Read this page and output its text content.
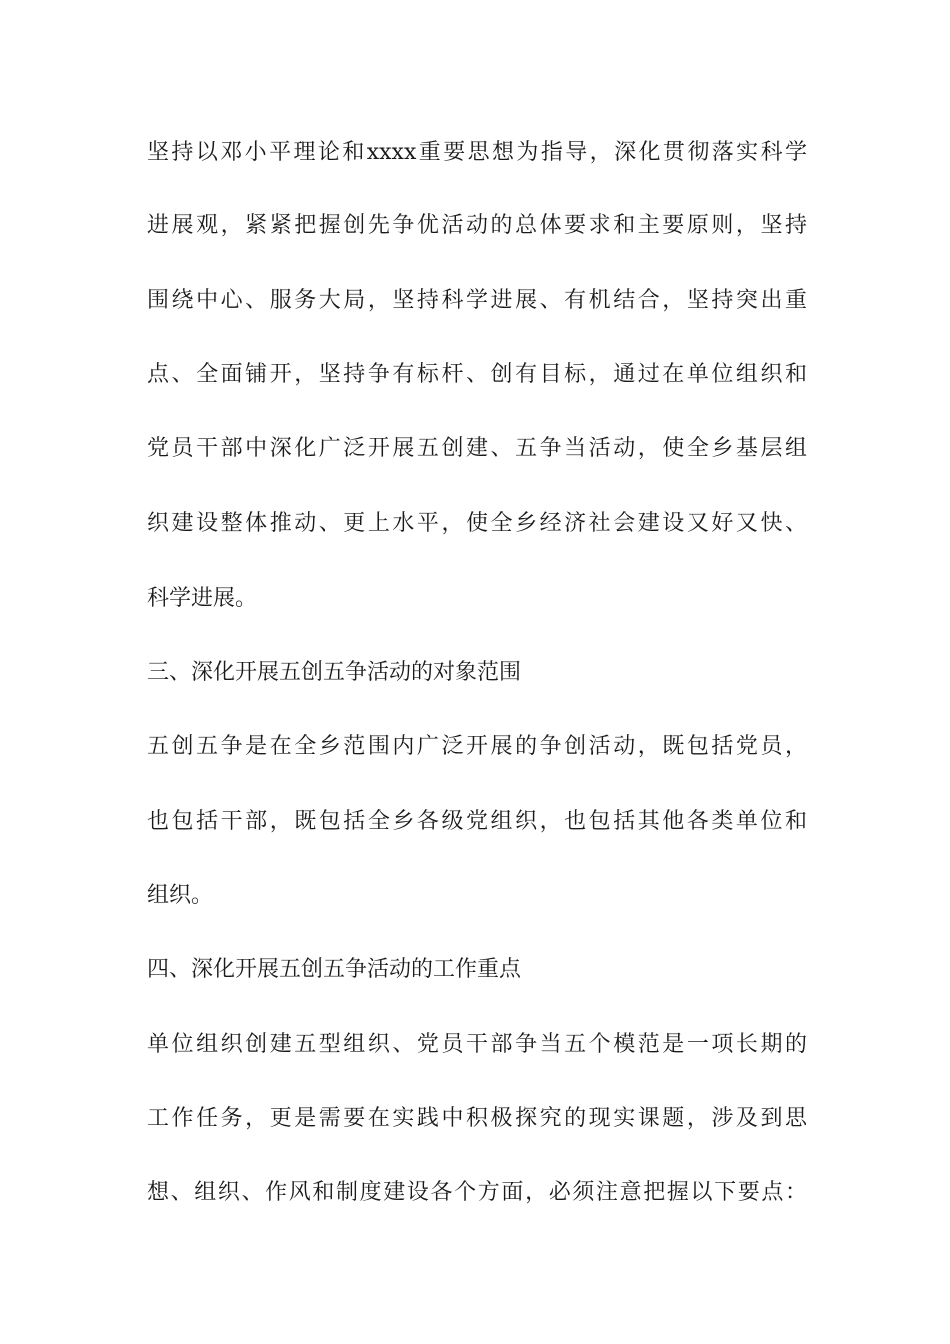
坚持以邓小平理论和xxxx重要思想为指导，深化贯彻落实科学
进展观，紧紧把握创先争优活动的总体要求和主要原则，坚持
围绕中心、服务大局，坚持科学进展、有机结合，坚持突出重
点、全面铺开，坚持争有标杆、创有目标，通过在单位组织和
党员干部中深化广泛开展五创建、五争当活动，使全乡基层组
织建设整体推动、更上水平，使全乡经济社会建设又好又快、
科学进展。
三、深化开展五创五争活动的对象范围
五创五争是在全乡范围内广泛开展的争创活动，既包括党员，
也包括干部，既包括全乡各级党组织，也包括其他各类单位和
组织。
四、深化开展五创五争活动的工作重点
单位组织创建五型组织、党员干部争当五个模范是一项长期的
工作任务，更是需要在实践中积极探究的现实课题，涉及到思
想、组织、作风和制度建设各个方面，必须注意把握以下要点：
